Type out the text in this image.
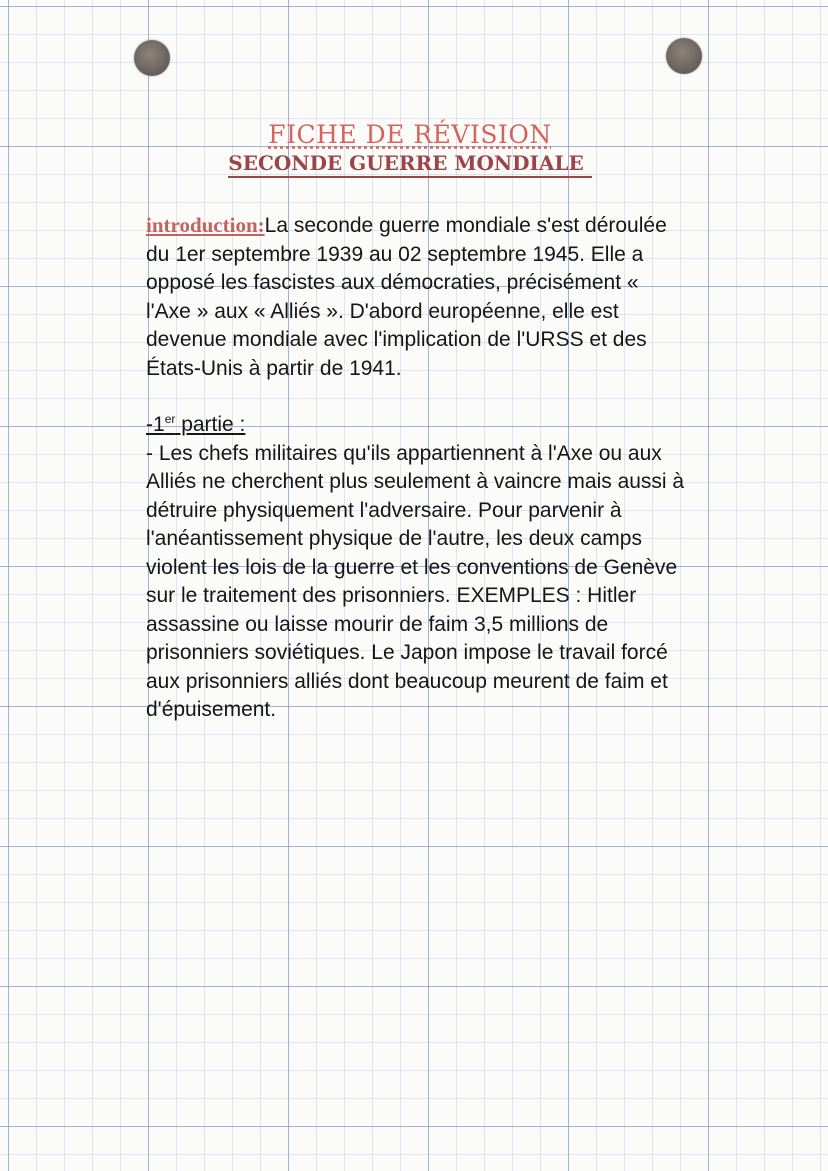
FICHE DE RÉVISION
SECONDE GUERRE MONDIALE

introduction:La seconde guerre mondiale s'est déroulée du 1er septembre 1939 au 02 septembre 1945. Elle a opposé les fascistes aux démocraties, précisément « l'Axe » aux « Alliés ». D'abord européenne, elle est devenue mondiale avec l'implication de l'URSS et des États-Unis à partir de 1941.

-1er partie :

- Les chefs militaires qu'ils appartiennent à l'Axe ou aux Alliés ne cherchent plus seulement à vaincre mais aussi à détruire physiquement l'adversaire. Pour parvenir à l'anéantissement physique de l'autre, les deux camps violent les lois de la guerre et les conventions de Genève sur le traitement des prisonniers. EXEMPLES : Hitler assassine ou laisse mourir de faim 3,5 millions de prisonniers soviétiques. Le Japon impose le travail forcé aux prisonniers alliés dont beaucoup meurent de faim et d'épuisement.
